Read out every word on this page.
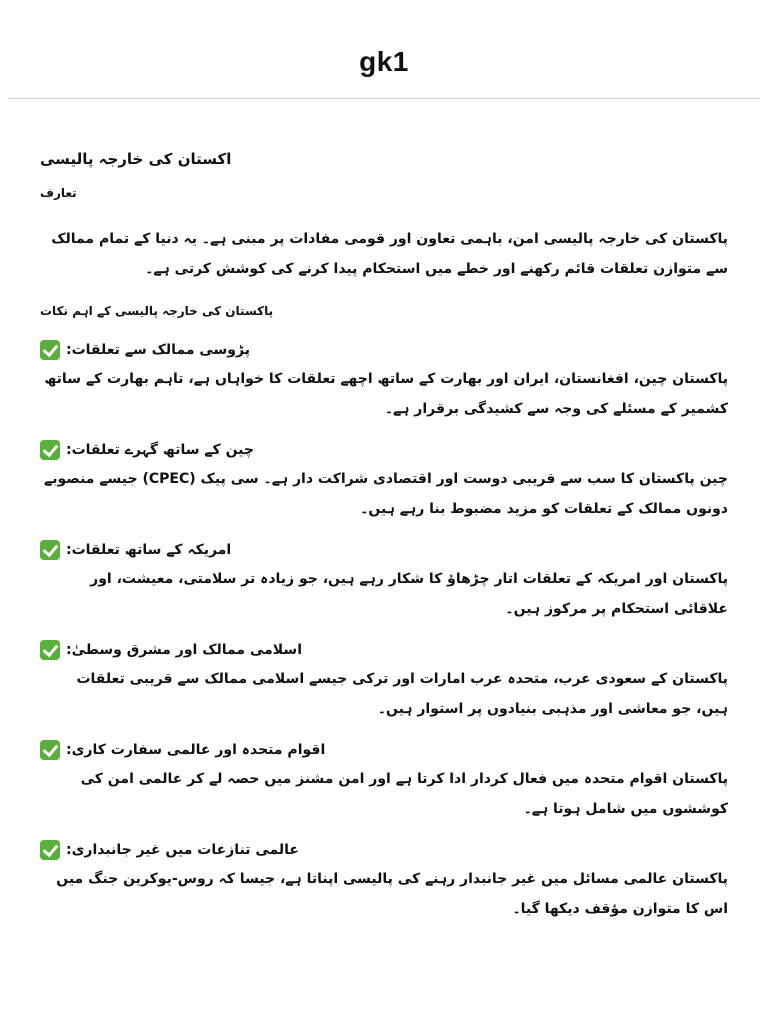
gk1
اکستان کی خارجہ پالیسی
تعارف

پاکستان کی خارجہ پالیسی امن، باہمی تعاون اور قومی مفادات پر مبنی ہے۔ یہ دنیا کے تمام ممالک سے متوازن تعلقات قائم رکھنے اور خطے میں استحکام پیدا کرنے کی کوشش کرتی ہے۔

پاکستان کی خارجہ پالیسی کے اہم نکات
پڑوسی ممالک سے تعلقات:

پاکستان چین، افغانستان، ایران اور بھارت کے ساتھ اچھے تعلقات کا خواہاں ہے، تاہم بھارت کے ساتھ کشمیر کے مسئلے کی وجہ سے کشیدگی برقرار ہے۔

چین کے ساتھ گہرے تعلقات:

چین پاکستان کا سب سے قریبی دوست اور اقتصادی شراکت دار ہے۔ سی پیک (CPEC) جیسے منصوبے دونوں ممالک کے تعلقات کو مزید مضبوط بنا رہے ہیں۔

امریکہ کے ساتھ تعلقات:

پاکستان اور امریکہ کے تعلقات اتار چڑھاؤ کا شکار رہے ہیں، جو زیادہ تر سلامتی، معیشت، اور علاقائی استحکام پر مرکوز ہیں۔

اسلامی ممالک اور مشرق وسطیٰ:

پاکستان کے سعودی عرب، متحدہ عرب امارات اور ترکی جیسے اسلامی ممالک سے قریبی تعلقات ہیں، جو معاشی اور مذہبی بنیادوں پر استوار ہیں۔

اقوام متحدہ اور عالمی سفارت کاری:

پاکستان اقوام متحدہ میں فعال کردار ادا کرتا ہے اور امن مشنز میں حصہ لے کر عالمی امن کی کوششوں میں شامل ہوتا ہے۔

عالمی تنازعات میں غیر جانبداری:

پاکستان عالمی مسائل میں غیر جانبدار رہنے کی پالیسی اپناتا ہے، جیسا کہ روس-یوکرین جنگ میں اس کا متوازن مؤقف دیکھا گیا۔
